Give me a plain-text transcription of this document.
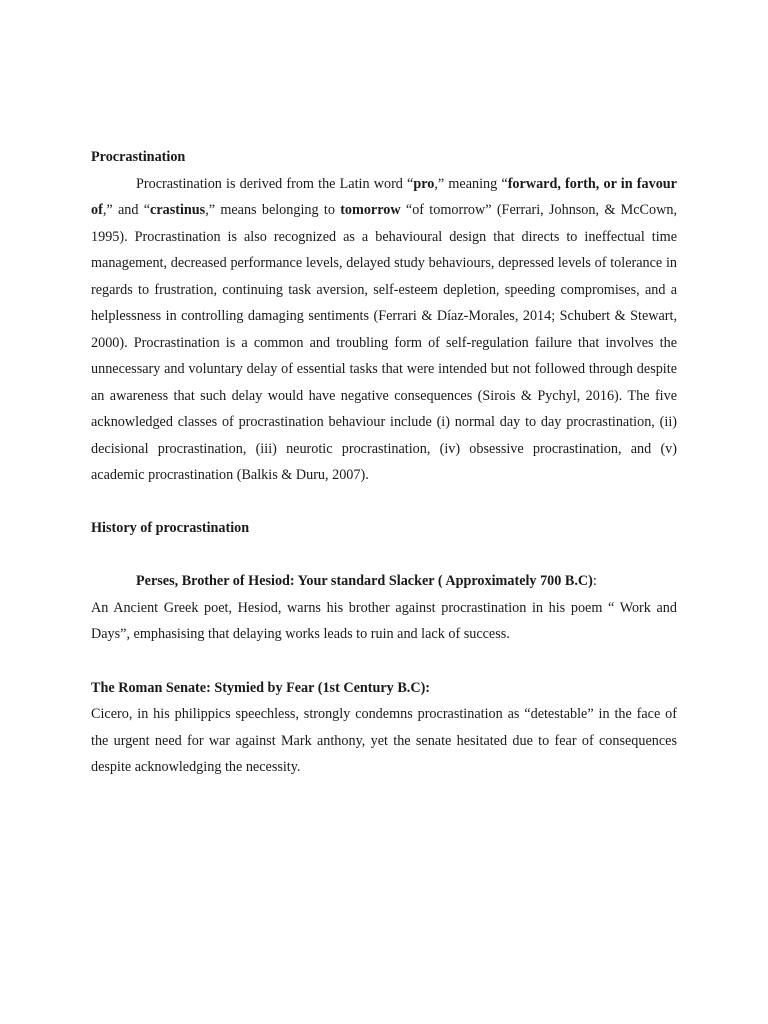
Procrastination

Procrastination is derived from the Latin word “pro,” meaning “forward, forth, or in favour of,” and “crastinus,” means belonging to tomorrow “of tomorrow” (Ferrari, Johnson, & McCown, 1995). Procrastination is also recognized as a behavioural design that directs to ineffectual time management, decreased performance levels, delayed study behaviours, depressed levels of tolerance in regards to frustration, continuing task aversion, self-esteem depletion, speeding compromises, and a helplessness in controlling damaging sentiments (Ferrari & Díaz-Morales, 2014; Schubert & Stewart, 2000). Procrastination is a common and troubling form of self-regulation failure that involves the unnecessary and voluntary delay of essential tasks that were intended but not followed through despite an awareness that such delay would have negative consequences (Sirois & Pychyl, 2016). The five acknowledged classes of procrastination behaviour include (i) normal day to day procrastination, (ii) decisional procrastination, (iii) neurotic procrastination, (iv) obsessive procrastination, and (v) academic procrastination (Balkis & Duru, 2007).

History of procrastination

Perses, Brother of Hesiod: Your standard Slacker ( Approximately 700 B.C):

An Ancient Greek poet, Hesiod, warns his brother against procrastination in his poem “ Work and Days”, emphasising that delaying works leads to ruin and lack of success.

The Roman Senate: Stymied by Fear (1st Century B.C):

Cicero, in his philippics speechless, strongly condemns procrastination as “detestable” in the face of the urgent need for war against Mark anthony, yet the senate hesitated due to fear of consequences despite acknowledging the necessity.
